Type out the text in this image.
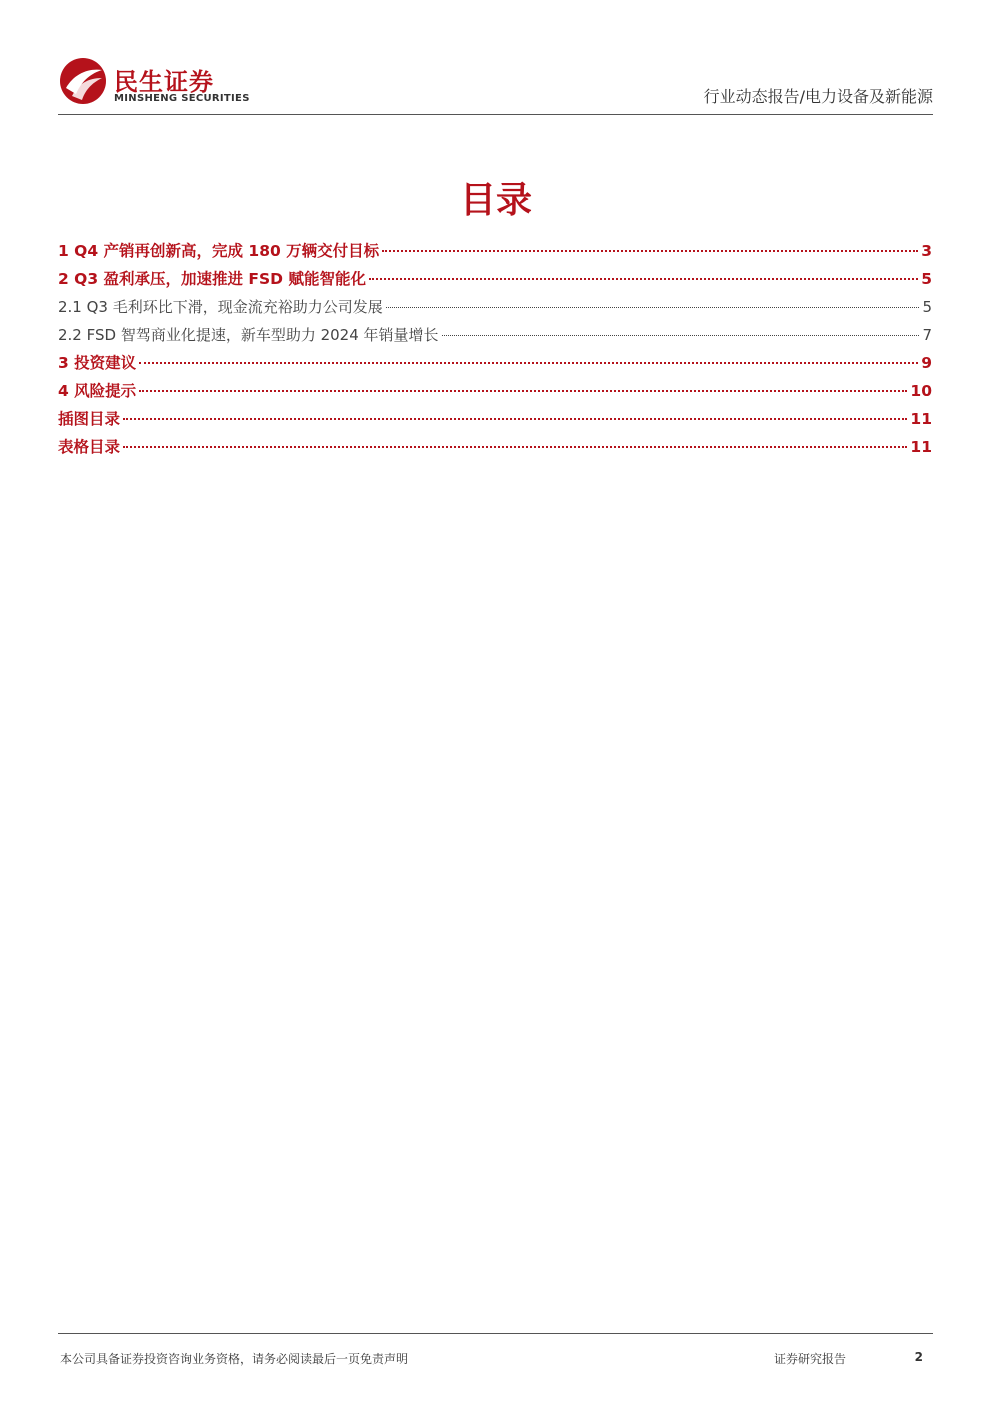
民生证券
MINSHENG SECURITIES	行业动态报告/电力设备及新能源
目录
1 Q4 产销再创新高，完成 180 万辆交付目标	3
2 Q3 盈利承压，加速推进 FSD 赋能智能化	5
2.1 Q3 毛利环比下滑，现金流充裕助力公司发展	5
2.2 FSD 智驾商业化提速，新车型助力 2024 年销量增长	7
3 投资建议	9
4 风险提示	10
插图目录	11
表格目录	11
本公司具备证券投资咨询业务资格，请务必阅读最后一页免责声明	证券研究报告	2
